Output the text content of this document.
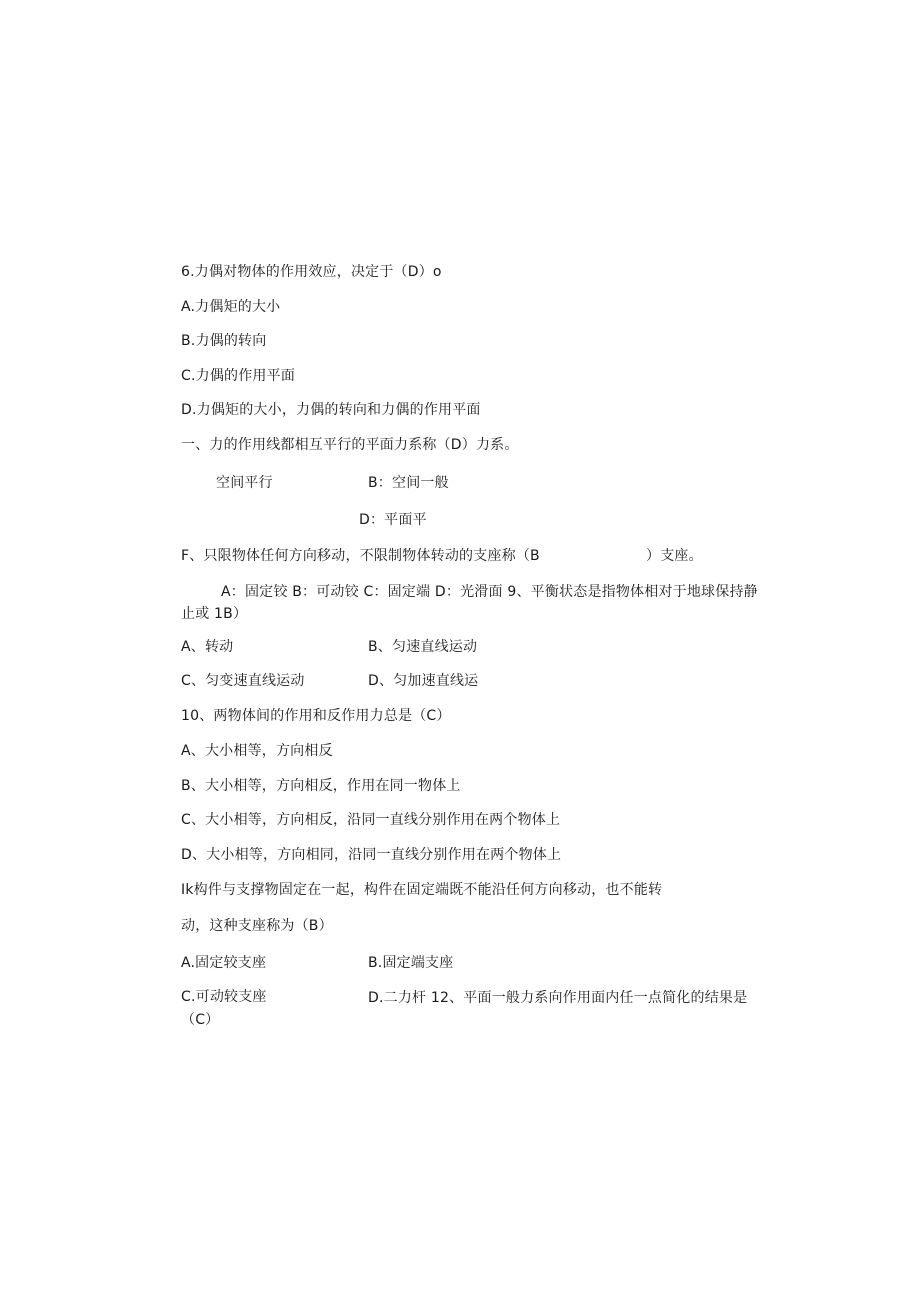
6.力偶对物体的作用效应，决定于（D）o
A.力偶矩的大小
B.力偶的转向
C.力偶的作用平面
D.力偶矩的大小，力偶的转向和力偶的作用平面
一、力的作用线都相互平行的平面力系称（D）力系。
空间平行	B：空间一般
D：平面平
F、只限物体任何方向移动，不限制物体转动的支座称（B	）支座。
A：固定铰 B：可动铰 C：固定端 D：光滑面 9、平衡状态是指物体相对于地球保持静止或 1B）
A、转动	B、匀速直线运动
C、匀变速直线运动	D、匀加速直线运
10、两物体间的作用和反作用力总是（C）
A、大小相等，方向相反
B、大小相等，方向相反，作用在同一物体上
C、大小相等，方向相反，沿同一直线分别作用在两个物体上
D、大小相等，方向相同，沿同一直线分别作用在两个物体上
Ik构件与支撑物固定在一起，构件在固定端既不能沿任何方向移动，也不能转
动，这种支座称为（B）
A.固定较支座	B.固定端支座
C.可动较支座	D.二力杆 12、平面一般力系向作用面内任一点简化的结果是（C）
